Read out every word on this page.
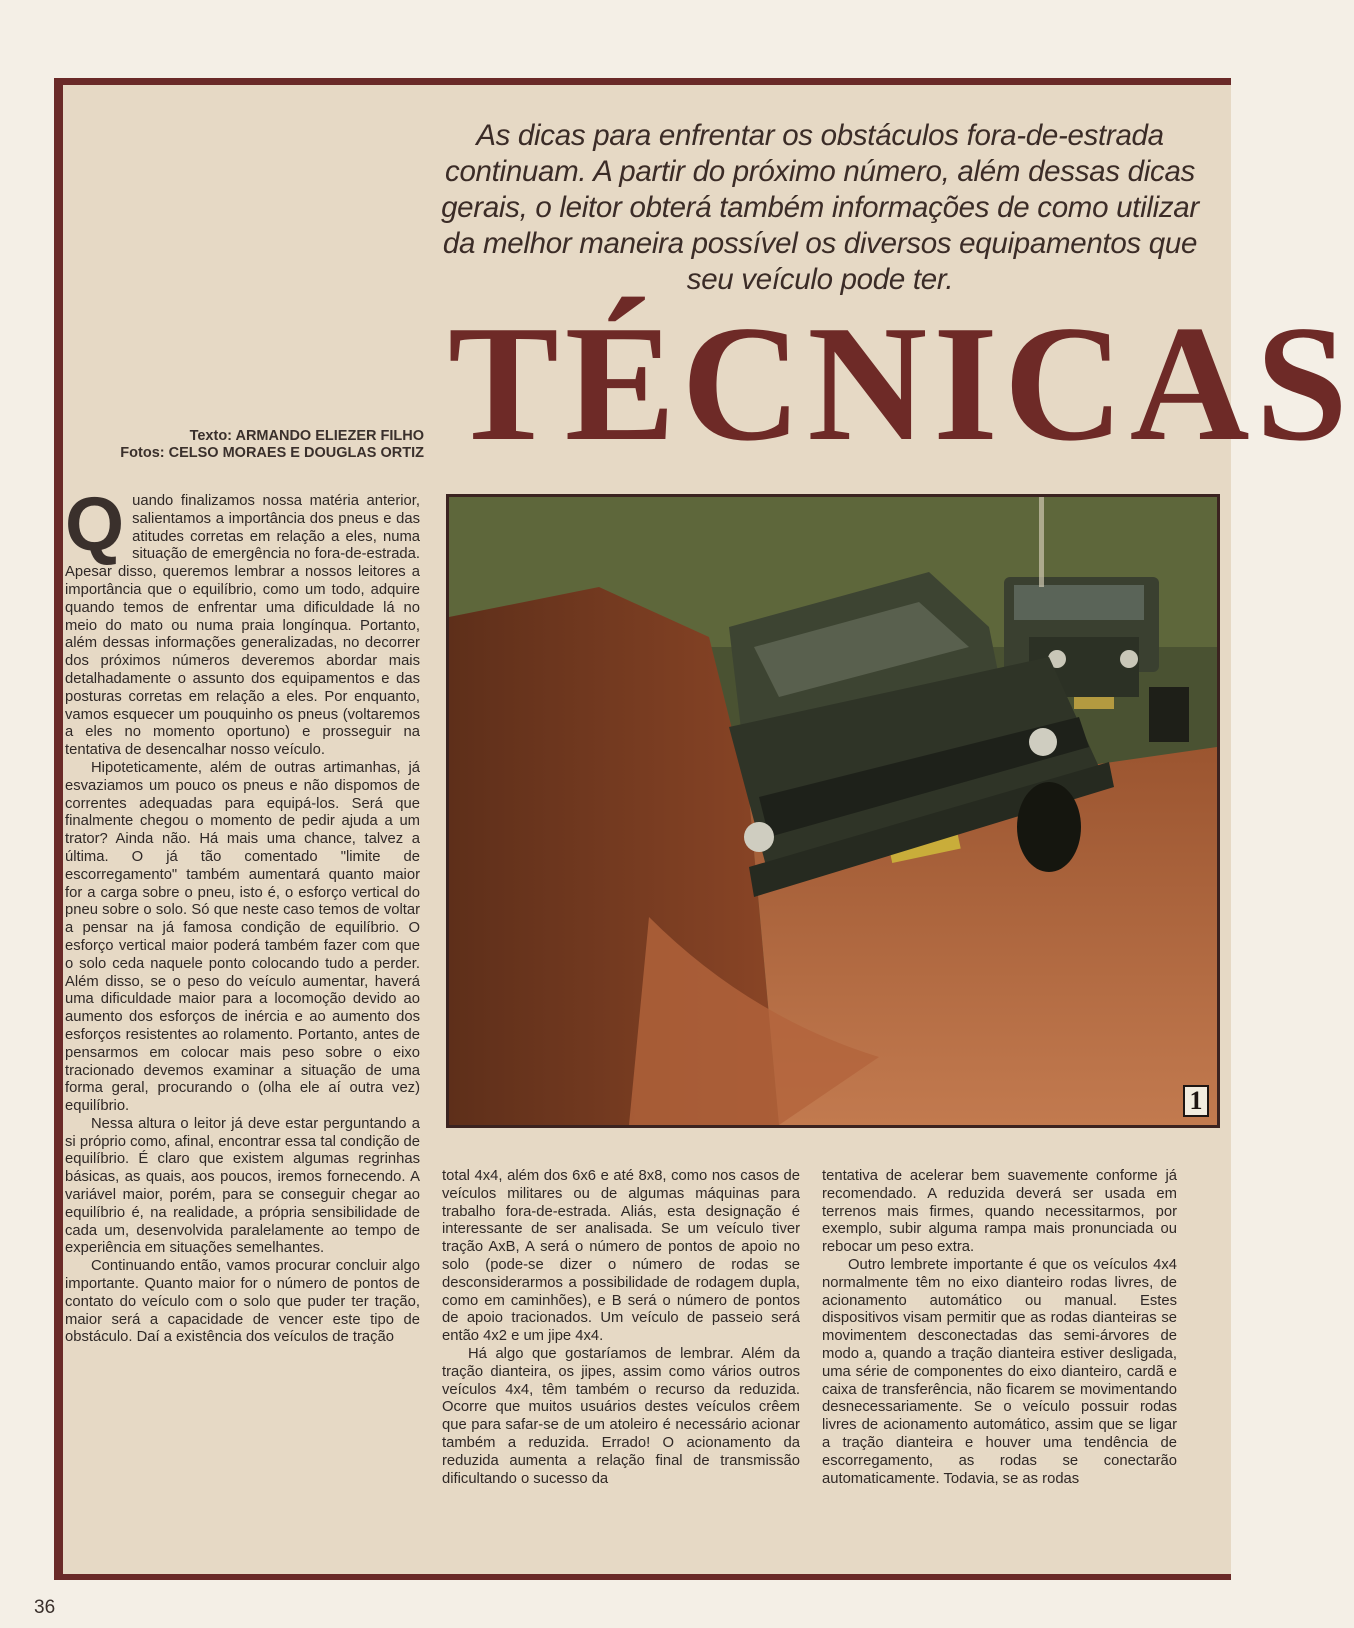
As dicas para enfrentar os obstáculos fora-de-estrada continuam. A partir do próximo número, além dessas dicas gerais, o leitor obterá também informações de como utilizar da melhor maneira possível os diversos equipamentos que seu veículo pode ter.
TÉCNICAS
Texto: ARMANDO ELIEZER FILHO
Fotos: CELSO MORAES E DOUGLAS ORTIZ
1
Q uando finalizamos nossa matéria anterior, salientamos a importância dos pneus e das atitudes corretas em relação a eles, numa situação de emergência no fora-de-estrada. Apesar disso, queremos lembrar a nossos leitores a importância que o equilíbrio, como um todo, adquire quando temos de enfrentar uma dificuldade lá no meio do mato ou numa praia longínqua. Portanto, além dessas informações generalizadas, no decorrer dos próximos números deveremos abordar mais detalhadamente o assunto dos equipamentos e das posturas corretas em relação a eles. Por enquanto, vamos esquecer um pouquinho os pneus (voltaremos a eles no momento oportuno) e prosseguir na tentativa de desencalhar nosso veículo.

Hipoteticamente, além de outras artimanhas, já esvaziamos um pouco os pneus e não dispomos de correntes adequadas para equipá-los. Será que finalmente chegou o momento de pedir ajuda a um trator? Ainda não. Há mais uma chance, talvez a última. O já tão comentado "limite de escorregamento" também aumentará quanto maior for a carga sobre o pneu, isto é, o esforço vertical do pneu sobre o solo. Só que neste caso temos de voltar a pensar na já famosa condição de equilíbrio. O esforço vertical maior poderá também fazer com que o solo ceda naquele ponto colocando tudo a perder. Além disso, se o peso do veículo aumentar, haverá uma dificuldade maior para a locomoção devido ao aumento dos esforços de inércia e ao aumento dos esforços resistentes ao rolamento. Portanto, antes de pensarmos em colocar mais peso sobre o eixo tracionado devemos examinar a situação de uma forma geral, procurando o (olha ele aí outra vez) equilíbrio.

Nessa altura o leitor já deve estar perguntando a si próprio como, afinal, encontrar essa tal condição de equilíbrio. É claro que existem algumas regrinhas básicas, as quais, aos poucos, iremos fornecendo. A variável maior, porém, para se conseguir chegar ao equilíbrio é, na realidade, a própria sensibilidade de cada um, desenvolvida paralelamente ao tempo de experiência em situações semelhantes.

Continuando então, vamos procurar concluir algo importante. Quanto maior for o número de pontos de contato do veículo com o solo que puder ter tração, maior será a capacidade de vencer este tipo de obstáculo. Daí a existência dos veículos de tração

total 4x4, além dos 6x6 e até 8x8, como nos casos de veículos militares ou de algumas máquinas para trabalho fora-de-estrada. Aliás, esta designação é interessante de ser analisada. Se um veículo tiver tração AxB, A será o número de pontos de apoio no solo (pode-se dizer o número de rodas se desconsiderarmos a possibilidade de rodagem dupla, como em caminhões), e B será o número de pontos de apoio tracionados. Um veículo de passeio será então 4x2 e um jipe 4x4.

Há algo que gostaríamos de lembrar. Além da tração dianteira, os jipes, assim como vários outros veículos 4x4, têm também o recurso da reduzida. Ocorre que muitos usuários destes veículos crêem que para safar-se de um atoleiro é necessário acionar também a reduzida. Errado! O acionamento da reduzida aumenta a relação final de transmissão dificultando o sucesso da

tentativa de acelerar bem suavemente conforme já recomendado. A reduzida deverá ser usada em terrenos mais firmes, quando necessitarmos, por exemplo, subir alguma rampa mais pronunciada ou rebocar um peso extra.

Outro lembrete importante é que os veículos 4x4 normalmente têm no eixo dianteiro rodas livres, de acionamento automático ou manual. Estes dispositivos visam permitir que as rodas dianteiras se movimentem desconectadas das semi-árvores de modo a, quando a tração dianteira estiver desligada, uma série de componentes do eixo dianteiro, cardã e caixa de transferência, não ficarem se movimentando desnecessariamente. Se o veículo possuir rodas livres de acionamento automático, assim que se ligar a tração dianteira e houver uma tendência de escorregamento, as rodas se conectarão automaticamente. Todavia, se as rodas

36
